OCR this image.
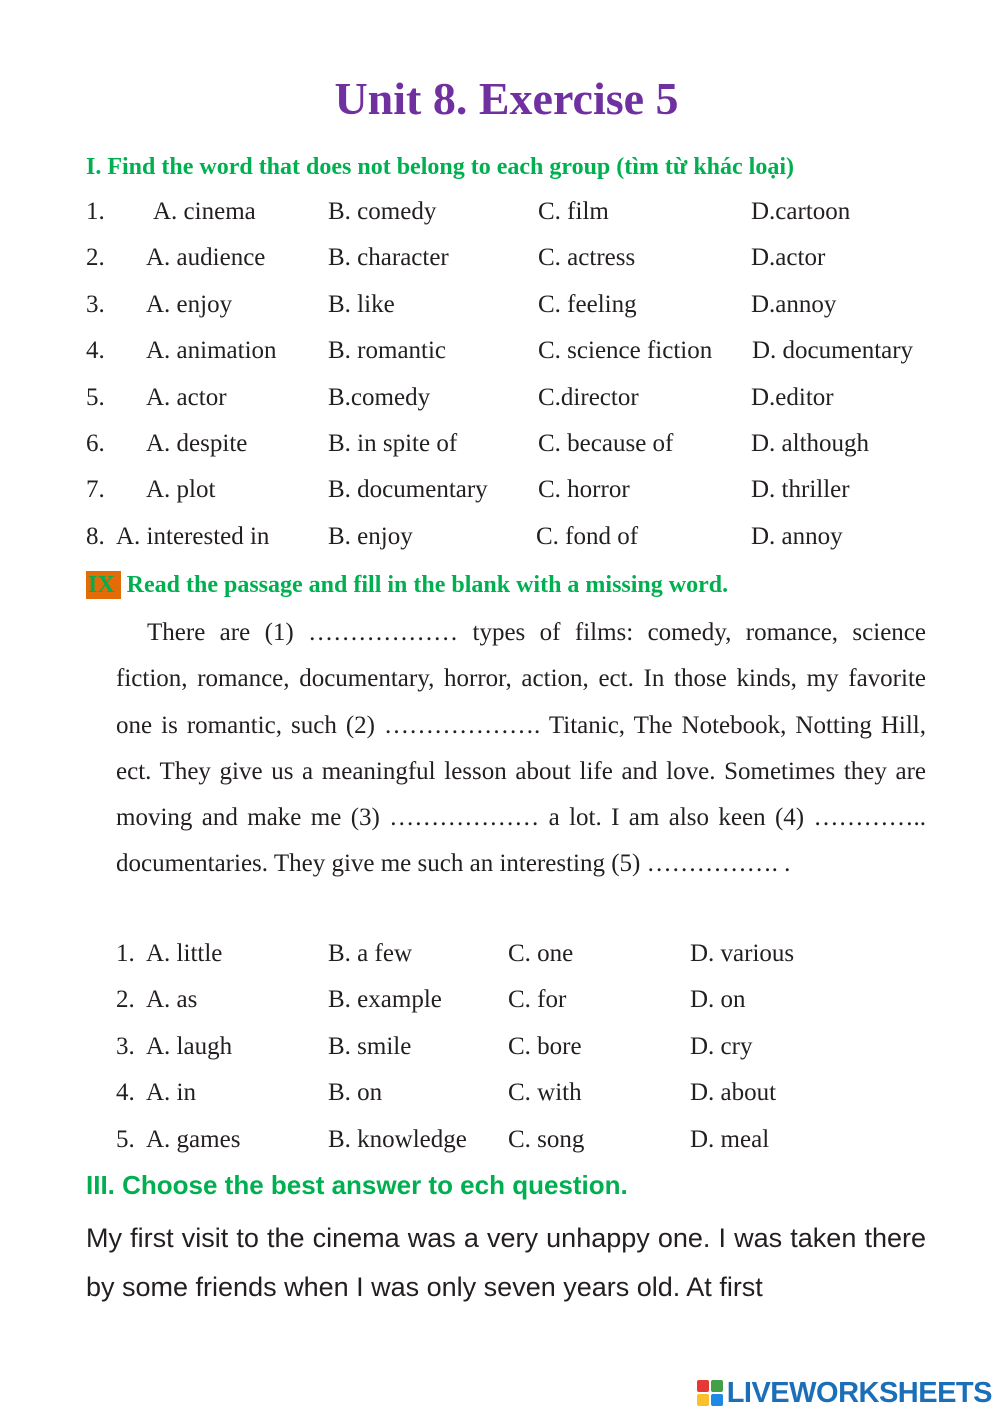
Unit 8. Exercise 5
I. Find the word that does not belong to each group (tìm từ khác loại)
1. A. cinema	B. comedy	C. film	D.cartoon
2. A. audience	B. character	C. actress	D.actor
3. A. enjoy	B. like	C. feeling	D.annoy
4. A. animation B. romantic	C. science fiction D. documentary
5. A. actor	B.comedy	C.director	D.editor
6. A. despite	B. in spite of	C. because of	D. although
7. A. plot	B. documentary C. horror	D. thriller
8. A. interested in B. enjoy	C. fond of	D. annoy
IX Read the passage and fill in the blank with a missing word.

There are (1) ……………… types of films: comedy, romance, science fiction, romance, documentary, horror, action, ect. In those kinds, my favorite one is romantic, such (2) ………………. Titanic, The Notebook, Notting Hill, ect. They give us a meaningful lesson about life and love. Sometimes they are moving and make me (3) ……………… a lot. I am also keen (4) ………….. documentaries. They give me such an interesting (5) ……………. .

1. A. little	B. a few	C. one	D. various
2. A. as	B. example	C. for	D. on
3. A. laugh	B. smile	C. bore	D. cry
4. A. in	B. on	C. with	D. about
5. A. games	B. knowledge C. song	D. meal
III. Choose the best answer to ech question.

My first visit to the cinema was a very unhappy one. I was taken there by some friends when I was only seven years old. At first

LIVEWORKSHEETS
